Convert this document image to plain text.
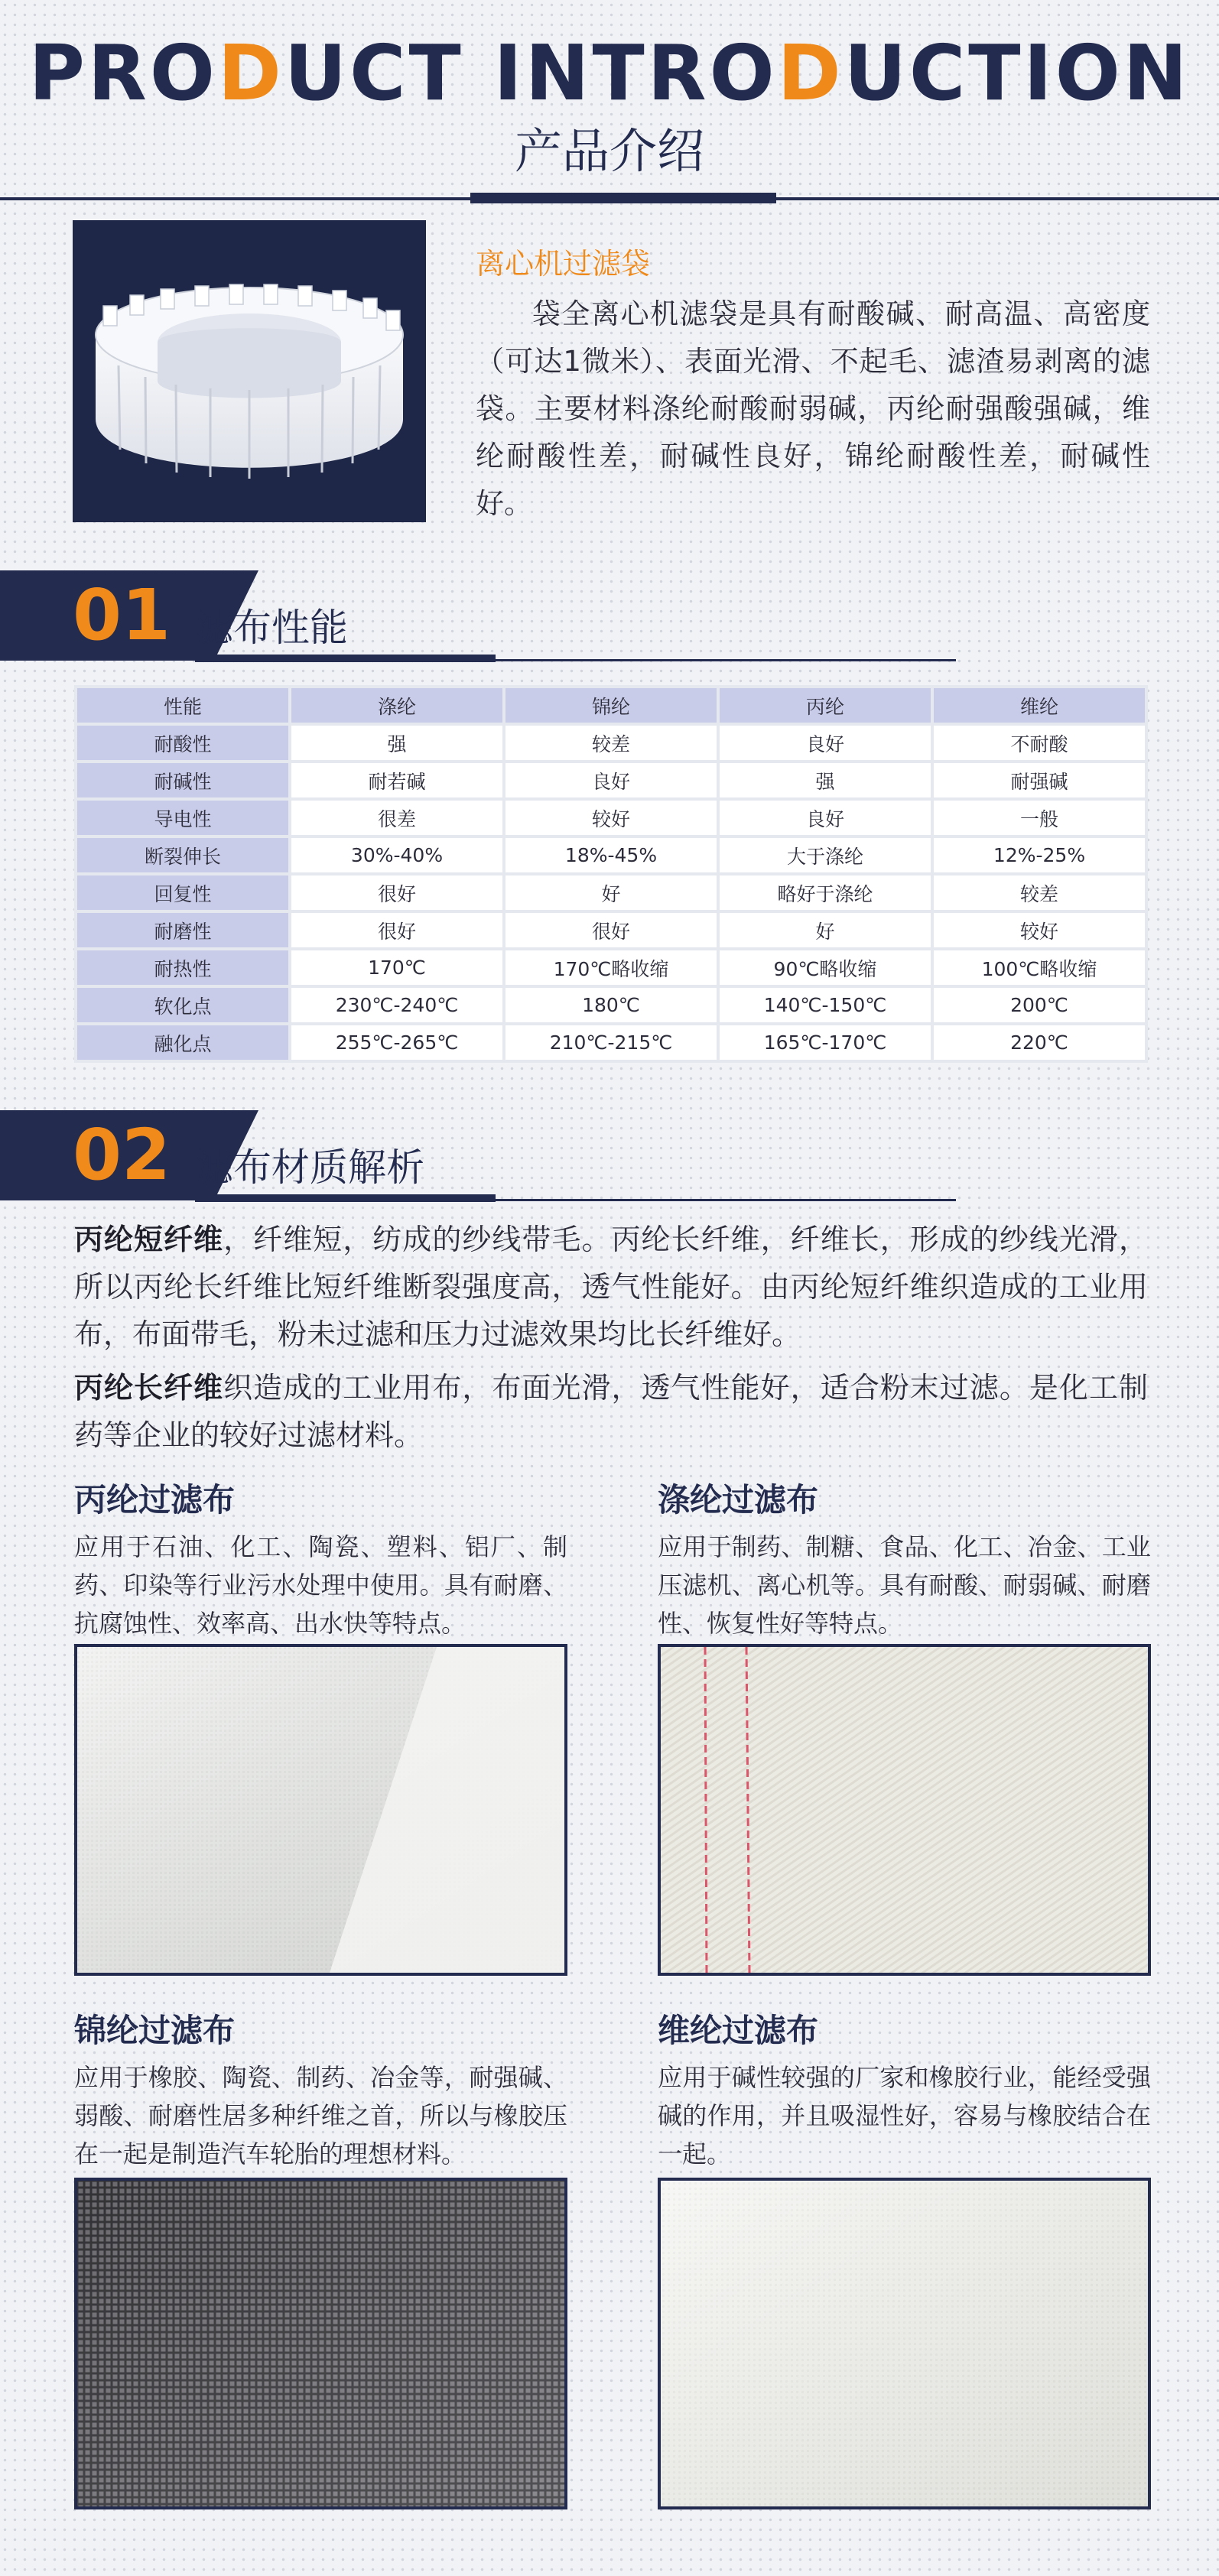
PRODUCT INTRODUCTION
产品介绍
离心机过滤袋
袋全离心机滤袋是具有耐酸碱、耐高温、高密度（可达1微米）、表面光滑、不起毛、滤渣易剥离的滤袋。主要材料涤纶耐酸耐弱碱，丙纶耐强酸强碱，维纶耐酸性差，耐碱性良好，锦纶耐酸性差，耐碱性好。
01 滤布性能
性能	涤纶	锦纶	丙纶	维纶
耐酸性	强	较差	良好	不耐酸
耐碱性	耐若碱	良好	强	耐强碱
导电性	很差	较好	良好	一般
断裂伸长	30%-40%	18%-45%	大于涤纶	12%-25%
回复性	很好	好	略好于涤纶	较差
耐磨性	很好	很好	好	较好
耐热性	170℃	170℃略收缩	90℃略收缩	100℃略收缩
软化点	230℃-240℃	180℃	140℃-150℃	200℃
融化点	255℃-265℃	210℃-215℃	165℃-170℃	220℃
02 滤布材质解析
丙纶短纤维，纤维短，纺成的纱线带毛。丙纶长纤维，纤维长，形成的纱线光滑，所以丙纶长纤维比短纤维断裂强度高，透气性能好。由丙纶短纤维织造成的工业用布，布面带毛，粉未过滤和压力过滤效果均比长纤维好。
丙纶长纤维织造成的工业用布，布面光滑，透气性能好，适合粉末过滤。是化工制药等企业的较好过滤材料。
丙纶过滤布
应用于石油、化工、陶瓷、塑料、铝厂、制药、印染等行业污水处理中使用。具有耐磨、抗腐蚀性、效率高、出水快等特点。
涤纶过滤布
应用于制药、制糖、食品、化工、冶金、工业压滤机、离心机等。具有耐酸、耐弱碱、耐磨性、恢复性好等特点。
锦纶过滤布
应用于橡胶、陶瓷、制药、冶金等，耐强碱、弱酸、耐磨性居多种纤维之首，所以与橡胶压在一起是制造汽车轮胎的理想材料。
维纶过滤布
应用于碱性较强的厂家和橡胶行业，能经受强碱的作用，并且吸湿性好，容易与橡胶结合在一起。
